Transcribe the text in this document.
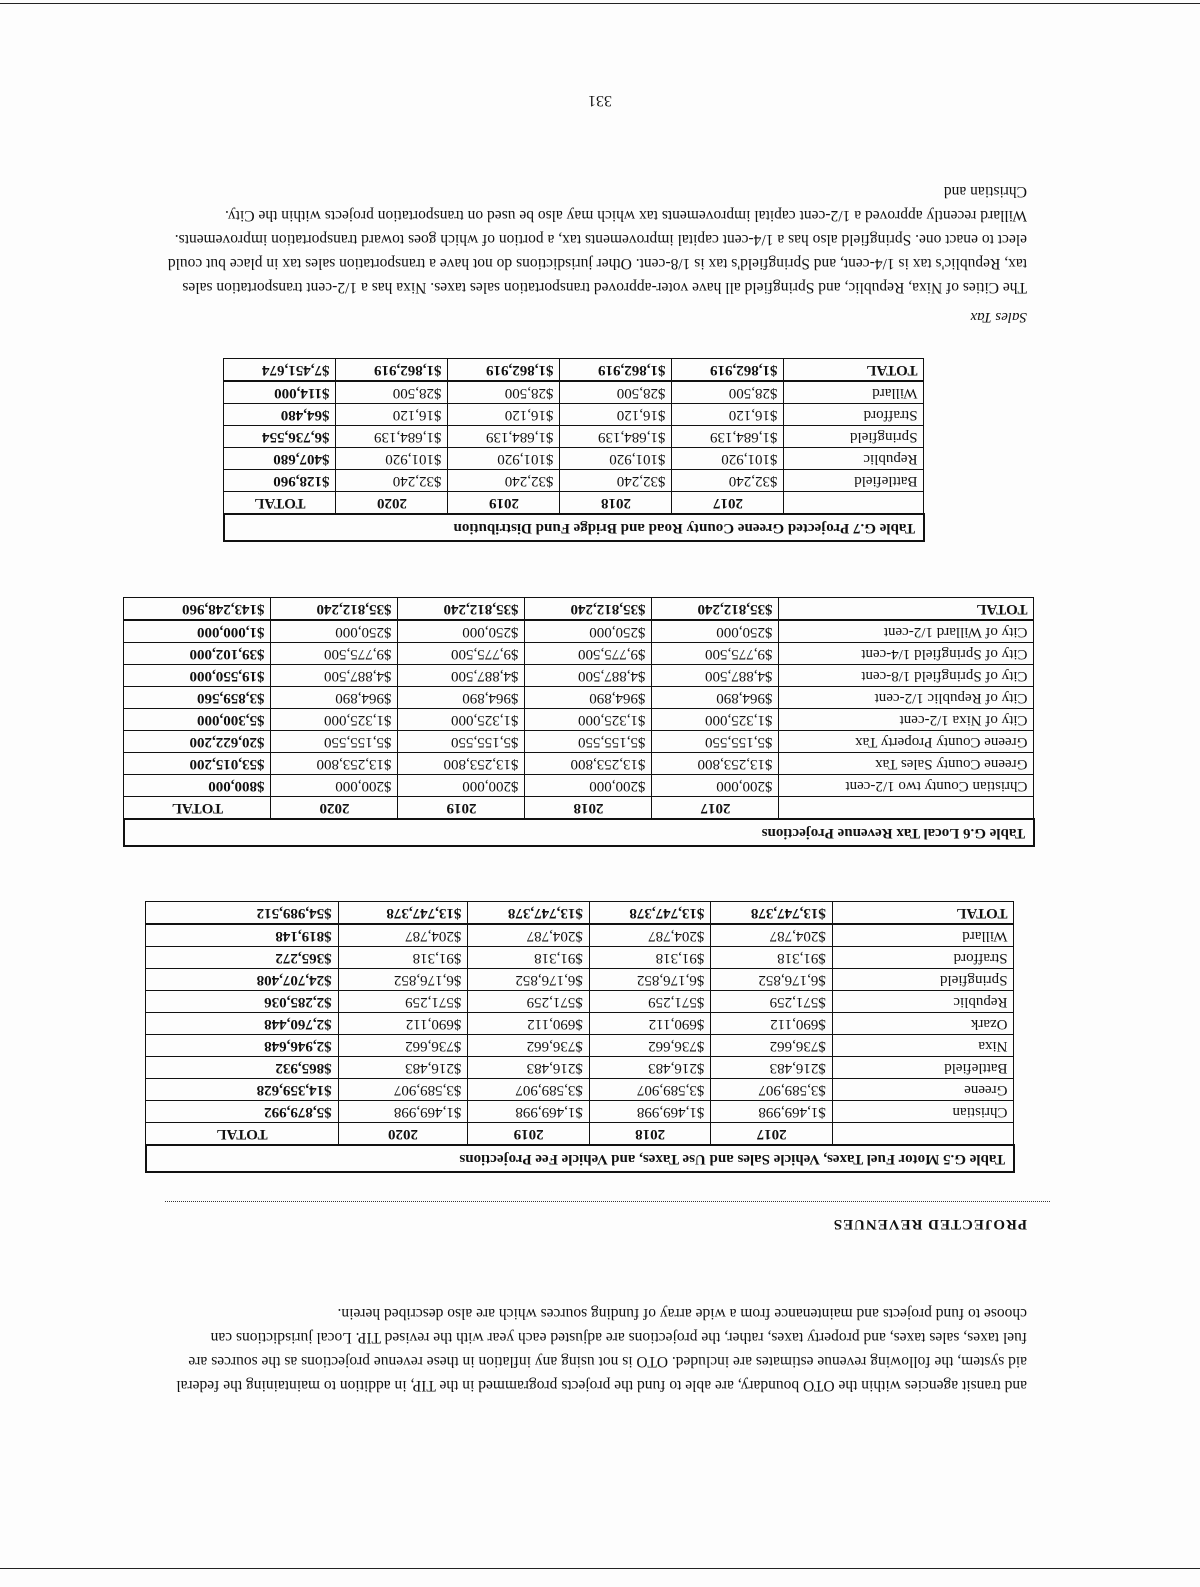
and transit agencies within the OTO boundary, are able to fund the projects programmed in the TIP, in addition to maintaining the federal aid system, the following revenue estimates are included. OTO is not using any inflation in these revenue projections as the sources are fuel taxes, sales taxes, and property taxes, rather, the projections are adjusted each year with the revised TIP. Local jurisdictions can choose to fund projects and maintenance from a wide array of funding sources which are also described herein.

PROJECTED REVENUES
Table G.5 Motor Fuel Taxes, Vehicle Sales and Use Taxes, and Vehicle Fee Projections					
	2017	2018	2019	2020	TOTAL
Christian	$1,469,998	$1,469,998	$1,469,998	$1,469,998	$5,879,992
Greene	$3,589,907	$3,589,907	$3,589,907	$3,589,907	$14,359,628
Battlefield	$216,483	$216,483	$216,483	$216,483	$865,932
Nixa	$736,662	$736,662	$736,662	$736,662	$2,946,648
Ozark	$690,112	$690,112	$690,112	$690,112	$2,760,448
Republic	$571,259	$571,259	$571,259	$571,259	$2,285,036
Springfield	$6,176,852	$6,176,852	$6,176,852	$6,176,852	$24,707,408
Strafford	$91,318	$91,318	$91,318	$91,318	$365,272
Willard	$204,787	$204,787	$204,787	$204,787	$819,148
TOTAL	$13,747,378	$13,747,378	$13,747,378	$13,747,378	$54,989,512
Table G.6 Local Tax Revenue Projections					
	2017	2018	2019	2020	TOTAL
Christian County two 1/2-cent	$200,000	$200,000	$200,000	$200,000	$800,000
Greene County Sales Tax	$13,253,800	$13,253,800	$13,253,800	$13,253,800	$53,015,200
Greene County Property Tax	$5,155,550	$5,155,550	$5,155,550	$5,155,550	$20,622,200
City of Nixa 1/2-cent	$1,325,000	$1,325,000	$1,325,000	$1,325,000	$5,300,000
City of Republic 1/2-cent	$964,890	$964,890	$964,890	$964,890	$3,859,560
City of Springfield 1/8-cent	$4,887,500	$4,887,500	$4,887,500	$4,887,500	$19,550,000
City of Springfield 1/4-cent	$9,775,500	$9,775,500	$9,775,500	$9,775,500	$39,102,000
City of Willard 1/2-cent	$250,000	$250,000	$250,000	$250,000	$1,000,000
TOTAL	$35,812,240	$35,812,240	$35,812,240	$35,812,240	$143,248,960
Table G.7 Projected Greene County Road and Bridge Fund Distribution					
	2017	2018	2019	2020	TOTAL
Battlefield	$32,240	$32,240	$32,240	$32,240	$128,960
Republic	$101,920	$101,920	$101,920	$101,920	$407,680
Springfield	$1,684,139	$1,684,139	$1,684,139	$1,684,139	$6,736,554
Strafford	$16,120	$16,120	$16,120	$16,120	$64,480
Willard	$28,500	$28,500	$28,500	$28,500	$114,000
TOTAL	$1,862,919	$1,862,919	$1,862,919	$1,862,919	$7,451,674

Sales Tax

The Cities of Nixa, Republic, and Springfield all have voter-approved transportation sales taxes. Nixa has a 1/2-cent transportation sales tax, Republic's tax is 1/4-cent, and Springfield's tax is 1/8-cent. Other jurisdictions do not have a transportation sales tax in place but could elect to enact one. Springfield also has a 1/4-cent capital improvements tax, a portion of which goes toward transportation improvements. Willard recently approved a 1/2-cent capital improvements tax which may also be used on transportation projects within the City. Christian and

331
